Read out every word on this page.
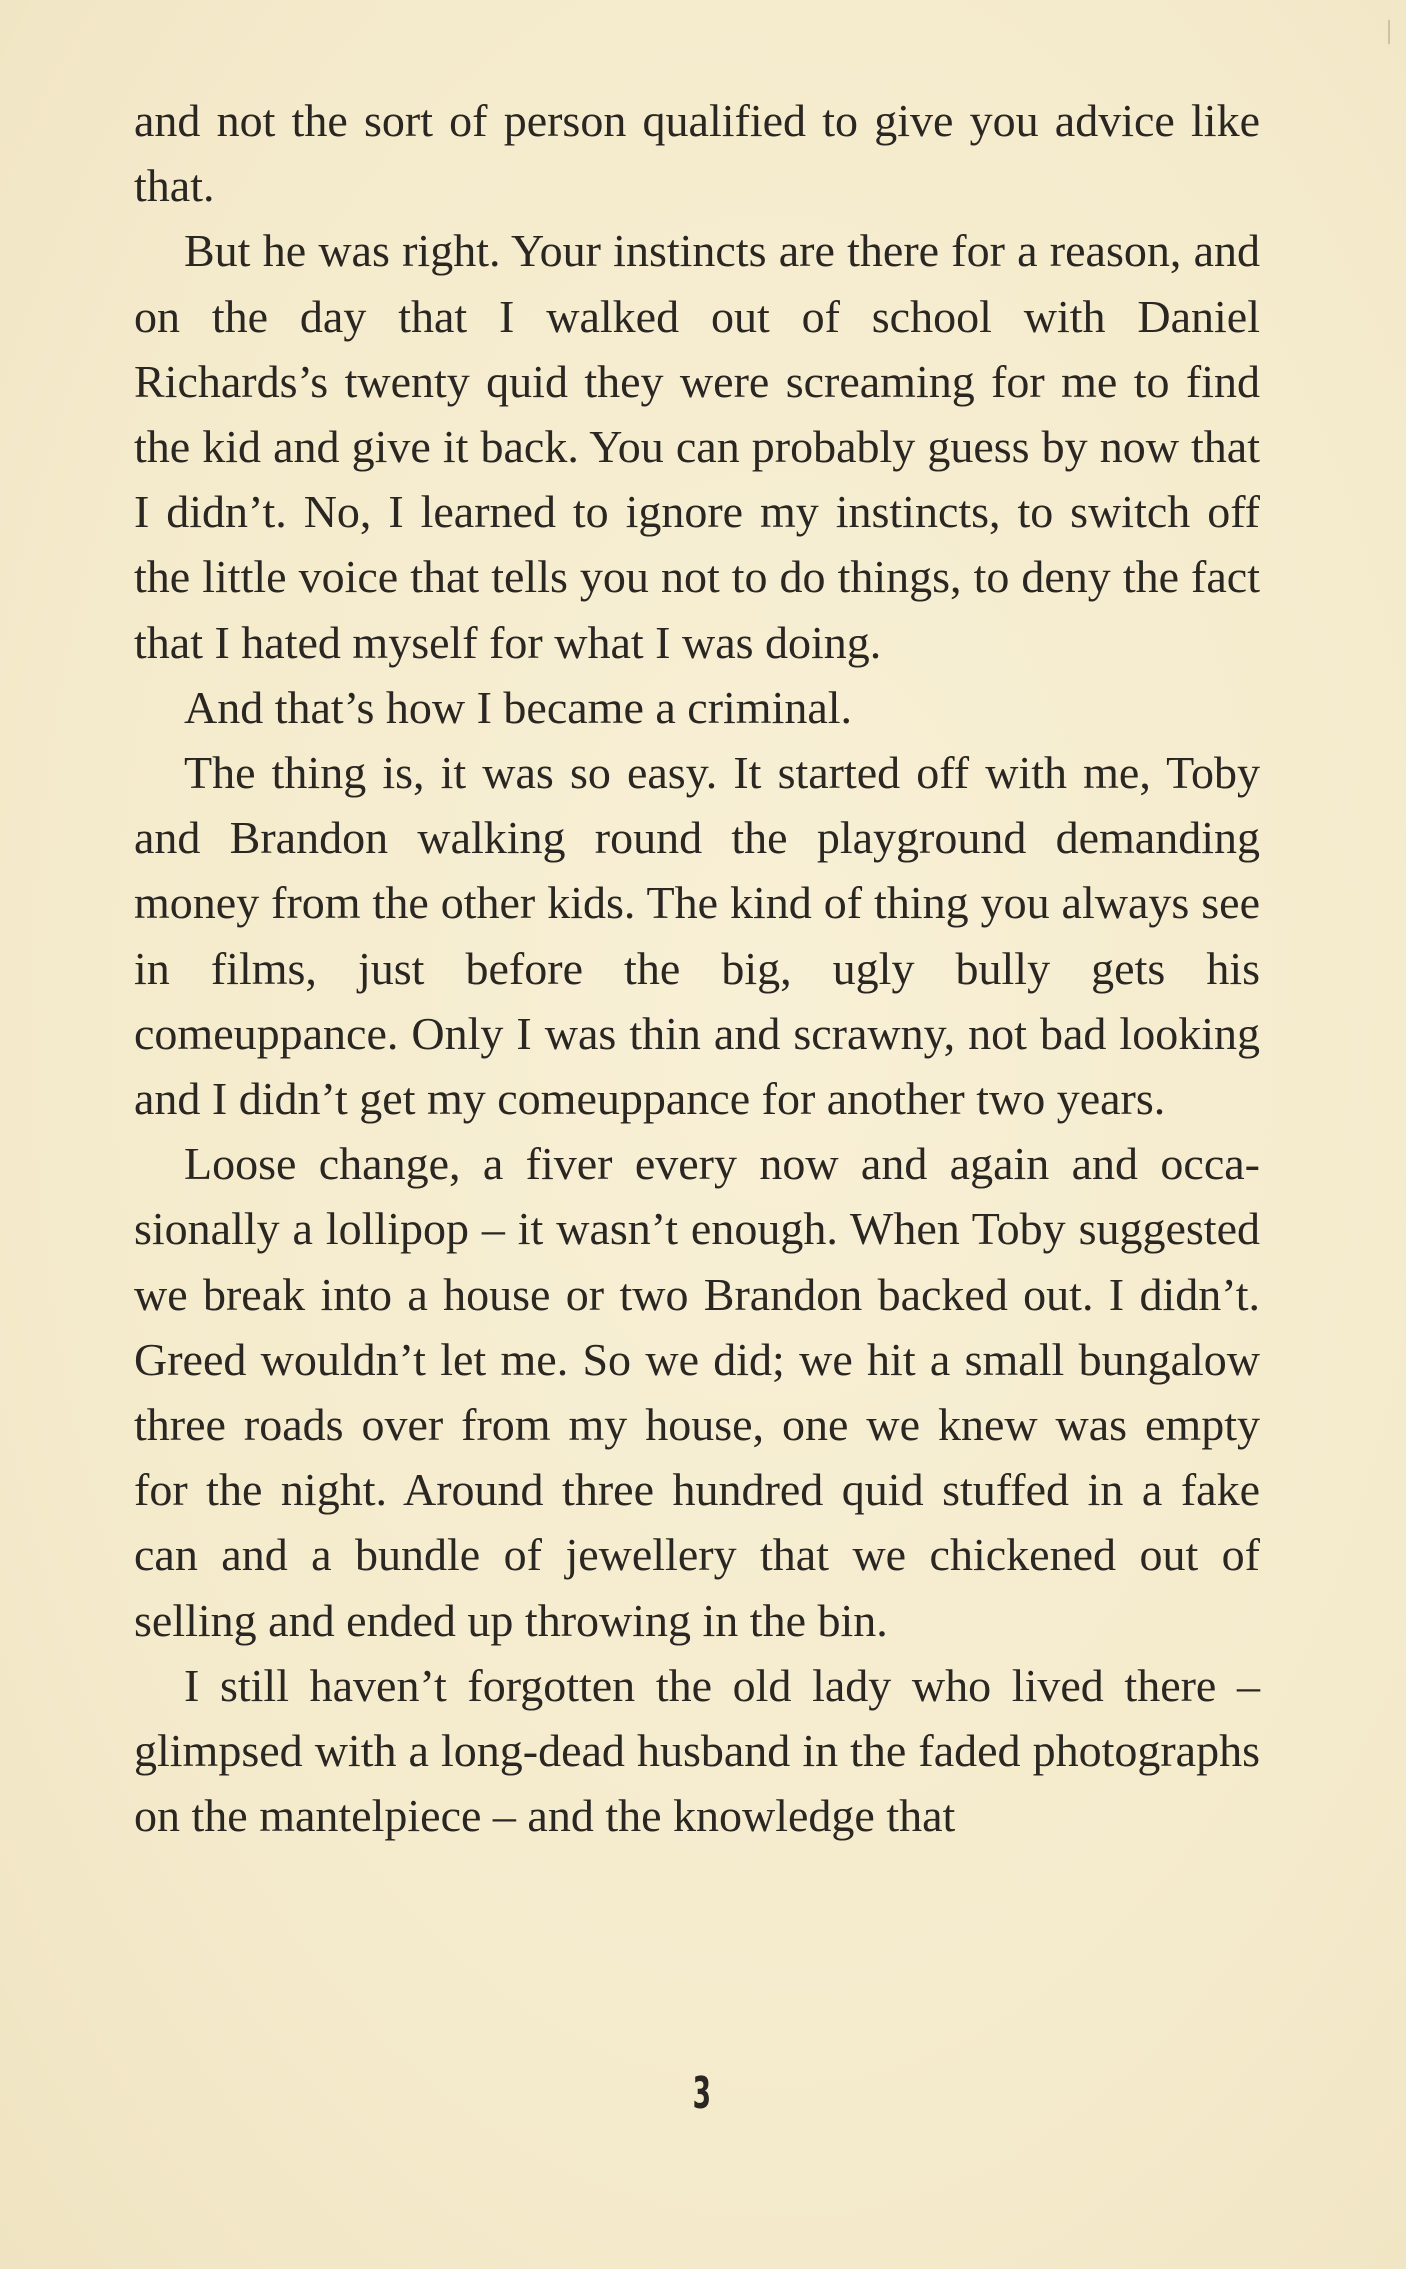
and not the sort of person qualified to give you advice like that.

But he was right. Your instincts are there for a reason, and on the day that I walked out of school with Daniel Richards’s twenty quid they were screaming for me to find the kid and give it back. You can probably guess by now that I didn’t. No, I learned to ignore my instincts, to switch off the little voice that tells you not to do things, to deny the fact that I hated myself for what I was doing.

And that’s how I became a criminal.

The thing is, it was so easy. It started off with me, Toby and Brandon walking round the playground demanding money from the other kids. The kind of thing you always see in films, just before the big, ugly bully gets his comeuppance. Only I was thin and scrawny, not bad looking and I didn’t get my comeuppance for another two years.

Loose change, a fiver every now and again and occasionally a lollipop – it wasn’t enough. When Toby suggested we break into a house or two Brandon backed out. I didn’t. Greed wouldn’t let me. So we did; we hit a small bungalow three roads over from my house, one we knew was empty for the night. Around three hundred quid stuffed in a fake can and a bundle of jewellery that we chickened out of selling and ended up throwing in the bin.

I still haven’t forgotten the old lady who lived there – glimpsed with a long-dead husband in the faded photographs on the mantelpiece – and the knowledge that

3
